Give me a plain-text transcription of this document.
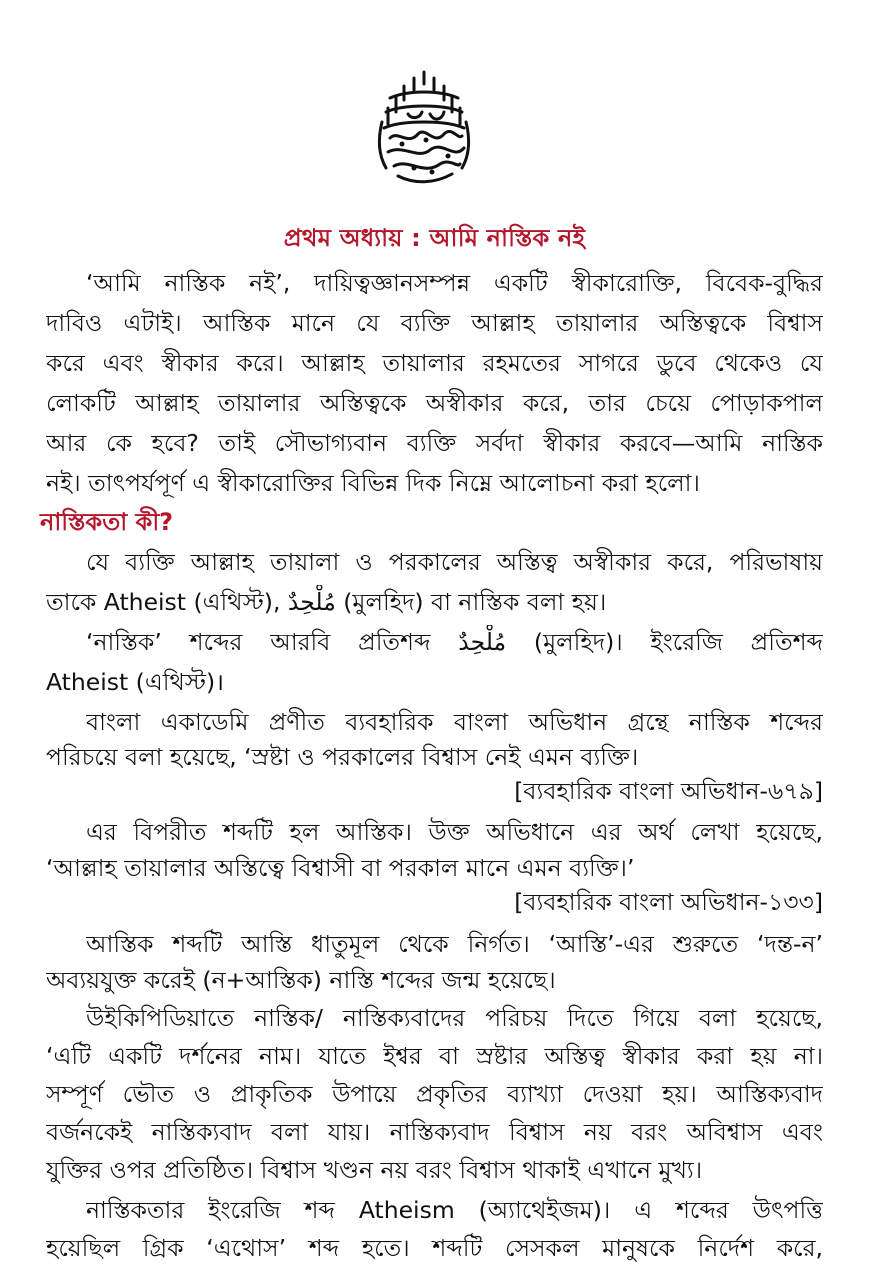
প্রথম অধ্যায় : আমি নাস্তিক নই
‘আমি নাস্তিক নই’, দায়িত্বজ্ঞানসম্পন্ন একটি স্বীকারোক্তি, বিবেক-বুদ্ধির
দাবিও এটাই। আস্তিক মানে যে ব্যক্তি আল্লাহ তায়ালার অস্তিত্বকে বিশ্বাস
করে এবং স্বীকার করে। আল্লাহ তায়ালার রহমতের সাগরে ডুবে থেকেও যে
লোকটি আল্লাহ তায়ালার অস্তিত্বকে অস্বীকার করে, তার চেয়ে পোড়াকপাল
আর কে হবে? তাই সৌভাগ্যবান ব্যক্তি সর্বদা স্বীকার করবে—আমি নাস্তিক
নই। তাৎপর্যপূর্ণ এ স্বীকারোক্তির বিভিন্ন দিক নিম্নে আলোচনা করা হলো।
নাস্তিকতা কী?
যে ব্যক্তি আল্লাহ তায়ালা ও পরকালের অস্তিত্ব অস্বীকার করে, পরিভাষায়
তাকে Atheist (এথিস্ট), مُلْحِدٌ (মুলহিদ) বা নাস্তিক বলা হয়।
‘নাস্তিক’ শব্দের আরবি প্রতিশব্দ مُلْحِدٌ (মুলহিদ)। ইংরেজি প্রতিশব্দ
Atheist (এথিস্ট)।
বাংলা একাডেমি প্রণীত ব্যবহারিক বাংলা অভিধান গ্রন্থে নাস্তিক শব্দের
পরিচয়ে বলা হয়েছে, ‘স্রষ্টা ও পরকালের বিশ্বাস নেই এমন ব্যক্তি।
[ব্যবহারিক বাংলা অভিধান-৬৭৯]
এর বিপরীত শব্দটি হল আস্তিক। উক্ত অভিধানে এর অর্থ লেখা হয়েছে,
‘আল্লাহ তায়ালার অস্তিত্বে বিশ্বাসী বা পরকাল মানে এমন ব্যক্তি।’
[ব্যবহারিক বাংলা অভিধান-১৩৩]
আস্তিক শব্দটি আস্তি ধাতুমূল থেকে নির্গত। ‘আস্তি’-এর শুরুতে ‘দন্ত-ন’
অব্যয়যুক্ত করেই (ন+আস্তিক) নাস্তি শব্দের জন্ম হয়েছে।
উইকিপিডিয়াতে নাস্তিক/ নাস্তিক্যবাদের পরিচয় দিতে গিয়ে বলা হয়েছে,
‘এটি একটি দর্শনের নাম। যাতে ইশ্বর বা স্রষ্টার অস্তিত্ব স্বীকার করা হয় না।
সম্পূর্ণ ভৌত ও প্রাকৃতিক উপায়ে প্রকৃতির ব্যাখ্যা দেওয়া হয়। আস্তিক্যবাদ
বর্জনকেই নাস্তিক্যবাদ বলা যায়। নাস্তিক্যবাদ বিশ্বাস নয় বরং অবিশ্বাস এবং
যুক্তির ওপর প্রতিষ্ঠিত। বিশ্বাস খণ্ডন নয় বরং বিশ্বাস থাকাই এখানে মুখ্য।
নাস্তিকতার ইংরেজি শব্দ Atheism (অ্যাথেইজম)। এ শব্দের উৎপত্তি
হয়েছিল গ্রিক ‘এথোস’ শব্দ হতে। শব্দটি সেসকল মানুষকে নির্দেশ করে,
